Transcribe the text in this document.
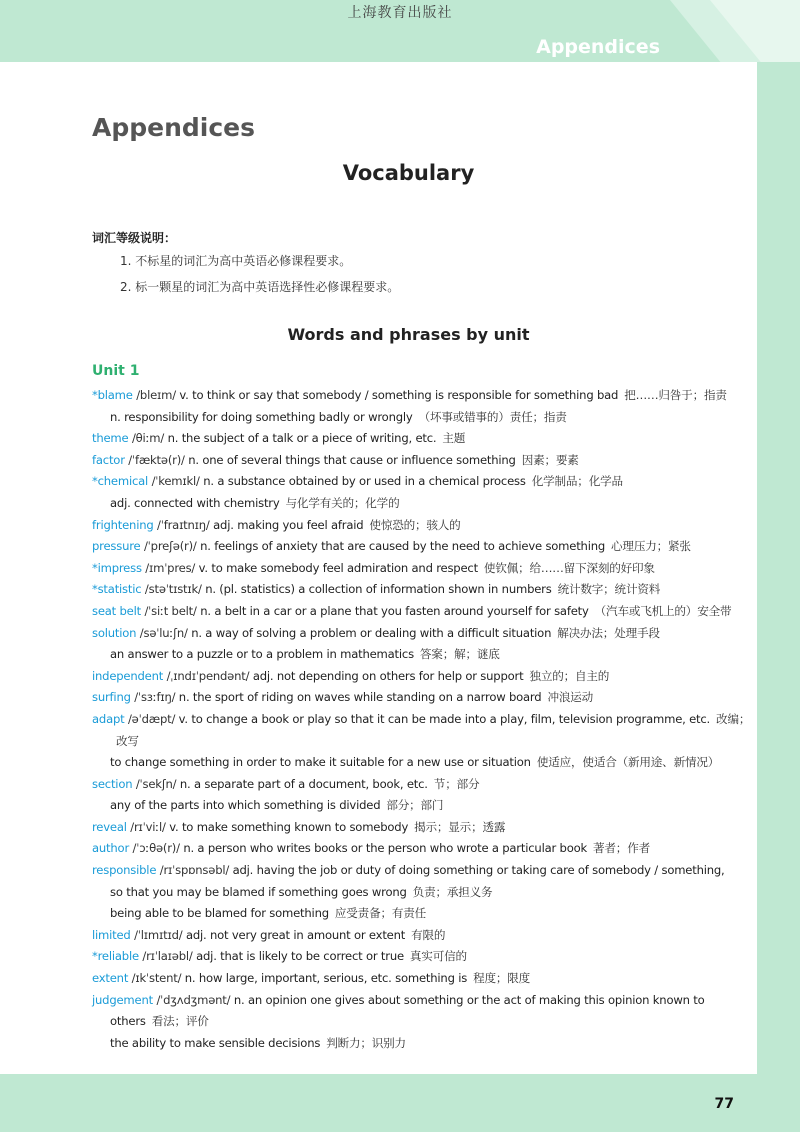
上海教育出版社
Appendices
Appendices
Vocabulary
词汇等级说明：
1. 不标星的词汇为高中英语必修课程要求。
2. 标一颗星的词汇为高中英语选择性必修课程要求。
Words and phrases by unit
Unit 1
*blame /bleɪm/ v. to think or say that somebody / something is responsible for something bad 把……归咎于；指责
n. responsibility for doing something badly or wrongly （坏事或错事的）责任；指责
theme /θiːm/ n. the subject of a talk or a piece of writing, etc. 主题
factor /ˈfæktə(r)/ n. one of several things that cause or influence something 因素；要素
*chemical /ˈkemɪkl/ n. a substance obtained by or used in a chemical process 化学制品；化学品
adj. connected with chemistry 与化学有关的；化学的
frightening /ˈfraɪtnɪŋ/ adj. making you feel afraid 使惊恐的；骇人的
pressure /ˈpreʃə(r)/ n. feelings of anxiety that are caused by the need to achieve something 心理压力；紧张
*impress /ɪmˈpres/ v. to make somebody feel admiration and respect 使钦佩；给……留下深刻的好印象
*statistic /stəˈtɪstɪk/ n. (pl. statistics) a collection of information shown in numbers 统计数字；统计资料
seat belt /ˈsiːt belt/ n. a belt in a car or a plane that you fasten around yourself for safety （汽车或飞机上的）安全带
solution /səˈluːʃn/ n. a way of solving a problem or dealing with a difficult situation 解决办法；处理手段
an answer to a puzzle or to a problem in mathematics 答案；解；谜底
independent /ˌɪndɪˈpendənt/ adj. not depending on others for help or support 独立的；自主的
surfing /ˈsɜːfɪŋ/ n. the sport of riding on waves while standing on a narrow board 冲浪运动
adapt /əˈdæpt/ v. to change a book or play so that it can be made into a play, film, television programme, etc. 改编；
改写
to change something in order to make it suitable for a new use or situation 使适应，使适合（新用途、新情况）
section /ˈsekʃn/ n. a separate part of a document, book, etc. 节；部分
any of the parts into which something is divided 部分；部门
reveal /rɪˈviːl/ v. to make something known to somebody 揭示；显示；透露
author /ˈɔːθə(r)/ n. a person who writes books or the person who wrote a particular book 著者；作者
responsible /rɪˈspɒnsəbl/ adj. having the job or duty of doing something or taking care of somebody / something,
so that you may be blamed if something goes wrong 负责；承担义务
being able to be blamed for something 应受责备；有责任
limited /ˈlɪmɪtɪd/ adj. not very great in amount or extent 有限的
*reliable /rɪˈlaɪəbl/ adj. that is likely to be correct or true 真实可信的
extent /ɪkˈstent/ n. how large, important, serious, etc. something is 程度；限度
judgement /ˈdʒʌdʒmənt/ n. an opinion one gives about something or the act of making this opinion known to
others 看法；评价
the ability to make sensible decisions 判断力；识别力
77
